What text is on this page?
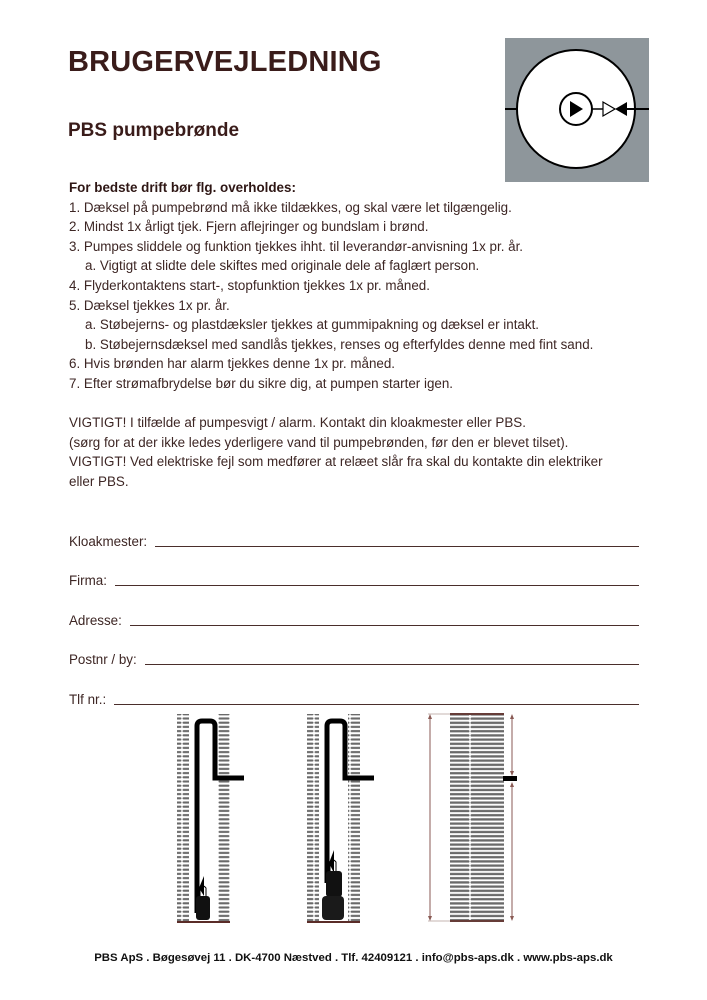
BRUGERVEJLEDNING
PBS pumpebrønde
For bedste drift bør flg. overholdes:
1. Dæksel på pumpebrønd må ikke tildækkes, og skal være let tilgængelig.
2. Mindst 1x årligt tjek. Fjern aflejringer og bundslam i brønd.
3. Pumpes sliddele og funktion tjekkes ihht. til leverandør-anvisning 1x pr. år.
a. Vigtigt at slidte dele skiftes med originale dele af faglært person.
4. Flyderkontaktens start-, stopfunktion tjekkes 1x pr. måned.
5. Dæksel tjekkes 1x pr. år.
a. Støbejerns- og plastdæksler tjekkes at gummipakning og dæksel er intakt.
b. Støbejernsdæksel med sandlås tjekkes, renses og efterfyldes denne med fint sand.
6. Hvis brønden har alarm tjekkes denne 1x pr. måned.
7. Efter strømafbrydelse bør du sikre dig, at pumpen starter igen.
VIGTIGT! I tilfælde af pumpesvigt / alarm. Kontakt din kloakmester eller PBS.
(sørg for at der ikke ledes yderligere vand til pumpebrønden, før den er blevet tilset).
VIGTIGT! Ved elektriske fejl som medfører at relæet slår fra skal du kontakte din elektriker
eller PBS.
Kloakmester:
Firma:
Adresse:
Postnr / by:
Tlf nr.:
PBS ApS . Bøgesøvej 11 . DK-4700 Næstved . Tlf. 42409121 . info@pbs-aps.dk . www.pbs-aps.dk
